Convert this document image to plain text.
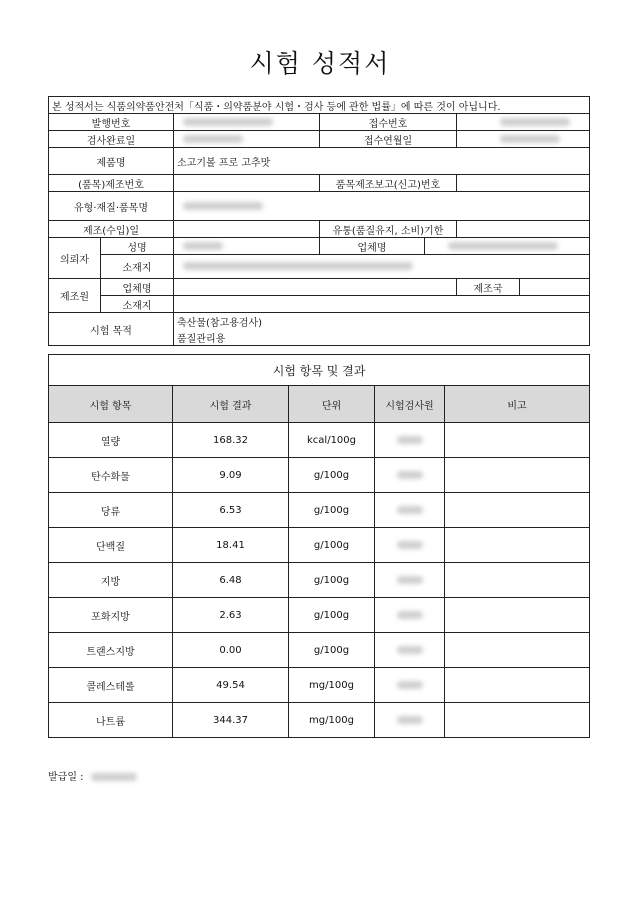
시험 성적서
본 성적서는 식품의약품안전처「식품・의약품분야 시험・검사 등에 관한 법률」에 따른 것이 아닙니다.						
발행번호			접수번호			
검사완료일			접수연월일			
제품명		소고기볼 프로 고추맛				
(품목)제조번호			품목제조보고(신고)번호			
유형·재질·품목명						
제조(수입)일			유통(품질유지, 소비)기한			
의뢰자	성명		업체명			
	소재지					
제조원	업체명				제조국	
	소재지					
시험 목적		축산물(참고용검사)				
		품질관리용				
시험 항목 및 결과				
시험 항목	시험 결과	단위	시험검사원	비고
열량	168.32	kcal/100g		
탄수화물	9.09	g/100g		
당류	6.53	g/100g		
단백질	18.41	g/100g		
지방	6.48	g/100g		
포화지방	2.63	g/100g		
트랜스지방	0.00	g/100g		
콜레스테롤	49.54	mg/100g		
나트륨	344.37	mg/100g		
발급일 :
